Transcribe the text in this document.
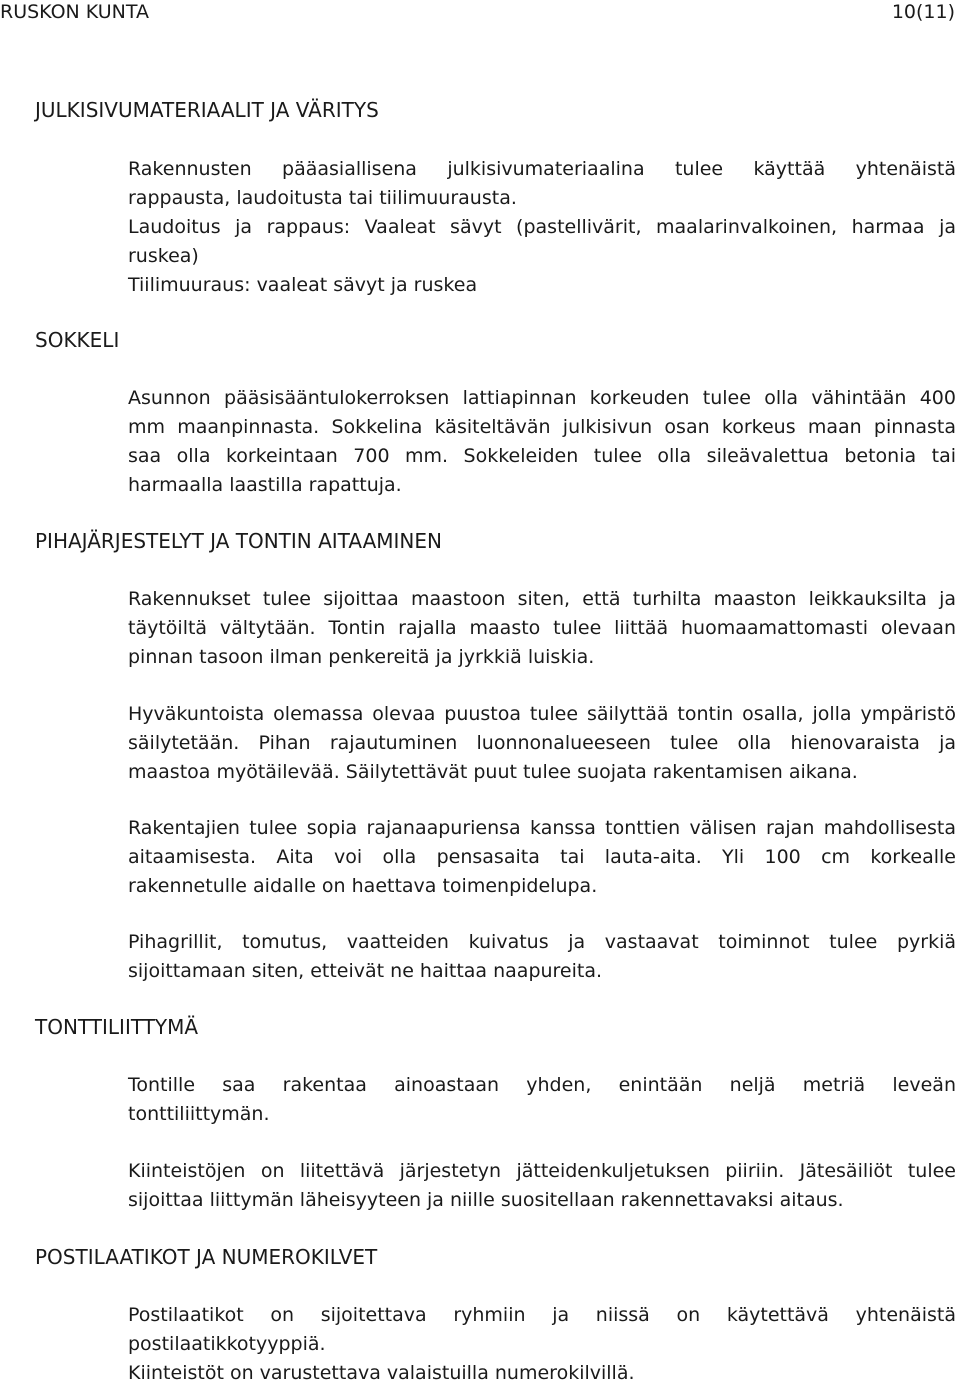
RUSKON KUNTA	10(11)
JULKISIVUMATERIAALIT JA VÄRITYS
Rakennusten pääasiallisena julkisivumateriaalina tulee käyttää yhtenäistä
rappausta, laudoitusta tai tiilimuurausta.
Laudoitus ja rappaus: Vaaleat sävyt (pastellivärit, maalarinvalkoinen, harmaa ja
ruskea)
Tiilimuuraus: vaaleat sävyt ja ruskea
SOKKELI
Asunnon pääsisääntulokerroksen lattiapinnan korkeuden tulee olla vähintään 400
mm maanpinnasta. Sokkelina käsiteltävän julkisivun osan korkeus maan pinnasta
saa olla korkeintaan 700 mm. Sokkeleiden tulee olla sileävalettua betonia tai
harmaalla laastilla rapattuja.
PIHAJÄRJESTELYT JA TONTIN AITAAMINEN
Rakennukset tulee sijoittaa maastoon siten, että turhilta maaston leikkauksilta ja
täytöiltä vältytään. Tontin rajalla maasto tulee liittää huomaamattomasti olevaan
pinnan tasoon ilman penkereitä ja jyrkkiä luiskia.
Hyväkuntoista olemassa olevaa puustoa tulee säilyttää tontin osalla, jolla ympäristö
säilytetään. Pihan rajautuminen luonnonalueeseen tulee olla hienovaraista ja
maastoa myötäilevää. Säilytettävät puut tulee suojata rakentamisen aikana.
Rakentajien tulee sopia rajanaapuriensa kanssa tonttien välisen rajan mahdollisesta
aitaamisesta. Aita voi olla pensasaita tai lauta-aita. Yli 100 cm korkealle
rakennetulle aidalle on haettava toimenpidelupa.
Pihagrillit, tomutus, vaatteiden kuivatus ja vastaavat toiminnot tulee pyrkiä
sijoittamaan siten, etteivät ne haittaa naapureita.
TONTTILIITTYMÄ
Tontille saa rakentaa ainoastaan yhden, enintään neljä metriä leveän
tonttiliittymän.
Kiinteistöjen on liitettävä järjestetyn jätteidenkuljetuksen piiriin. Jätesäiliöt tulee
sijoittaa liittymän läheisyyteen ja niille suositellaan rakennettavaksi aitaus.
POSTILAATIKOT JA NUMEROKILVET
Postilaatikot on sijoitettava ryhmiin ja niissä on käytettävä yhtenäistä
postilaatikkotyyppiä.
Kiinteistöt on varustettava valaistuilla numerokilvillä.
